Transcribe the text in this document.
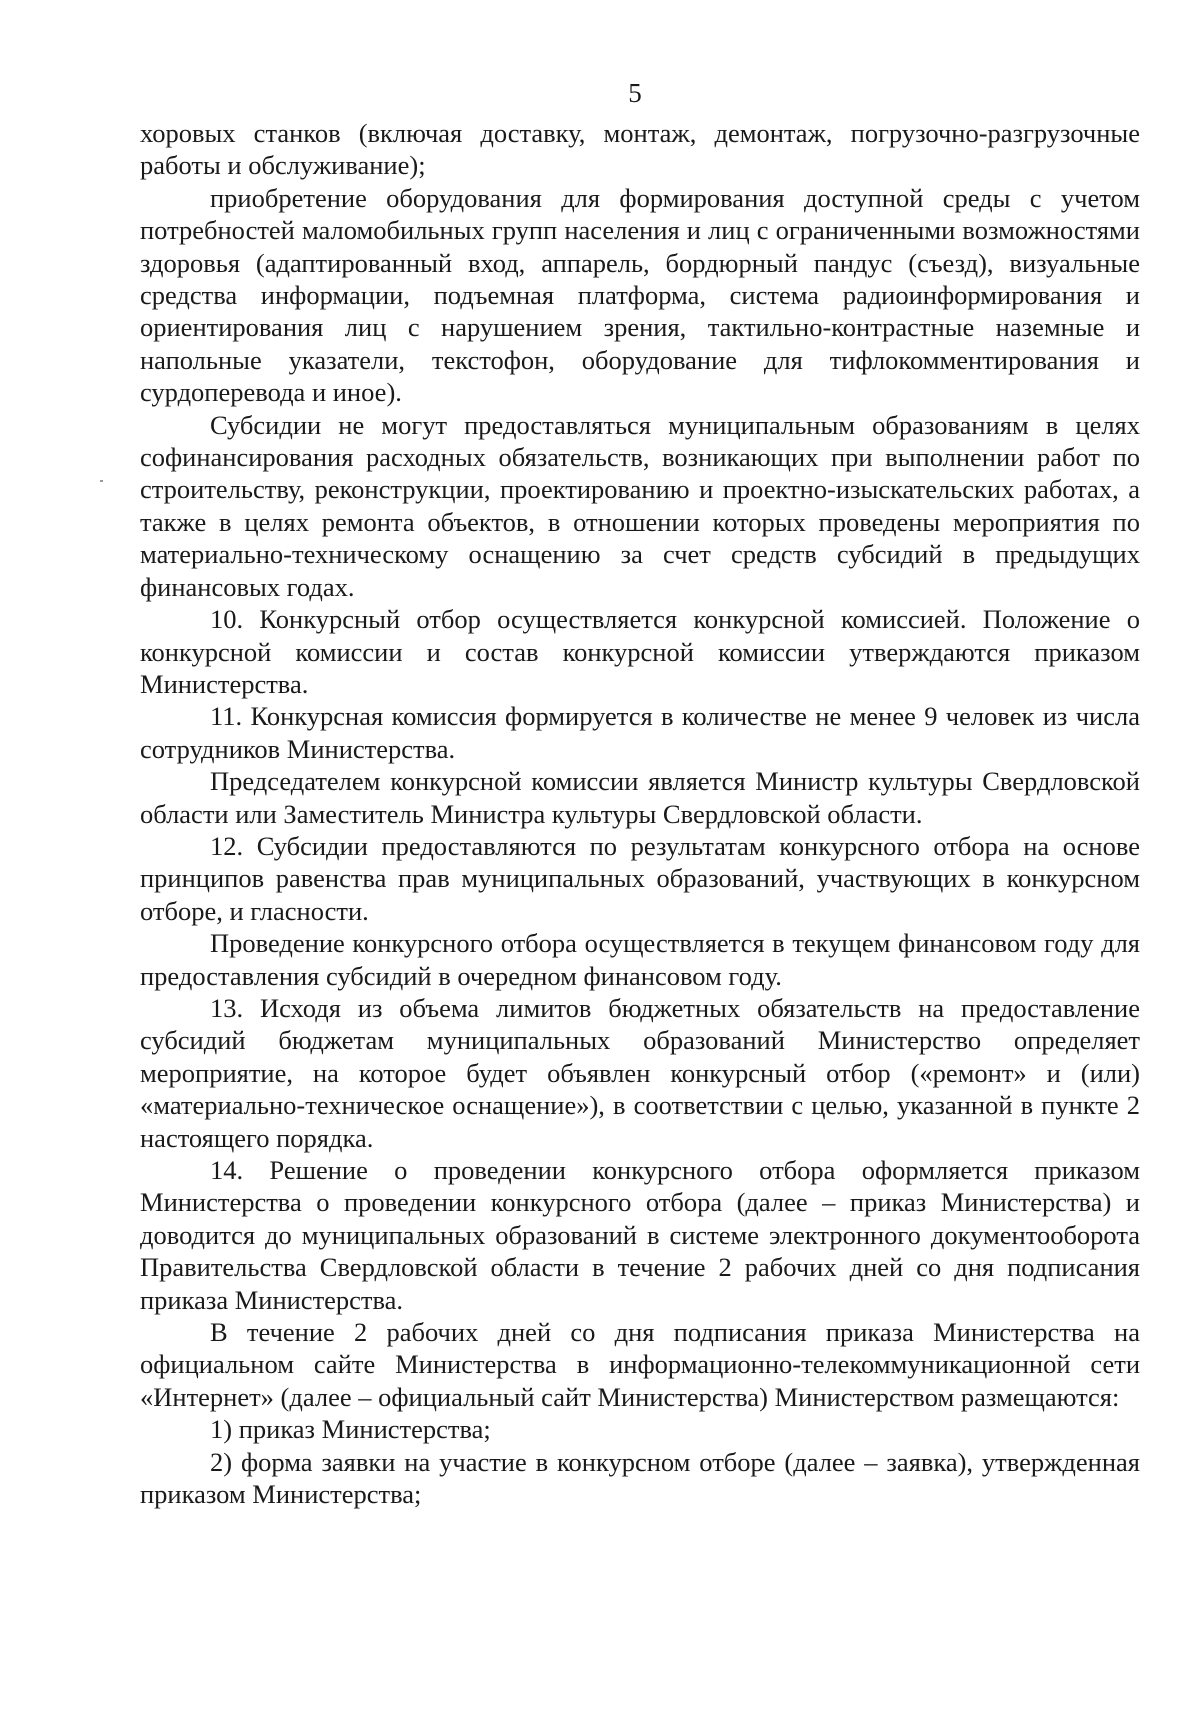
5

хоровых станков (включая доставку, монтаж, демонтаж, погрузочно-разгрузочные работы и обслуживание);

приобретение оборудования для формирования доступной среды с учетом потребностей маломобильных групп населения и лиц с ограниченными возможностями здоровья (адаптированный вход, аппарель, бордюрный пандус (съезд), визуальные средства информации, подъемная платформа, система радиоинформирования и ориентирования лиц с нарушением зрения, тактильно-контрастные наземные и напольные указатели, текстофон, оборудование для тифлокомментирования и сурдоперевода и иное).

Субсидии не могут предоставляться муниципальным образованиям в целях софинансирования расходных обязательств, возникающих при выполнении работ по строительству, реконструкции, проектированию и проектно-изыскательских работах, а также в целях ремонта объектов, в отношении которых проведены мероприятия по материально-техническому оснащению за счет средств субсидий в предыдущих финансовых годах.

10. Конкурсный отбор осуществляется конкурсной комиссией. Положение о конкурсной комиссии и состав конкурсной комиссии утверждаются приказом Министерства.

11. Конкурсная комиссия формируется в количестве не менее 9 человек из числа сотрудников Министерства.

Председателем конкурсной комиссии является Министр культуры Свердловской области или Заместитель Министра культуры Свердловской области.

12. Субсидии предоставляются по результатам конкурсного отбора на основе принципов равенства прав муниципальных образований, участвующих в конкурсном отборе, и гласности.

Проведение конкурсного отбора осуществляется в текущем финансовом году для предоставления субсидий в очередном финансовом году.

13. Исходя из объема лимитов бюджетных обязательств на предоставление субсидий бюджетам муниципальных образований Министерство определяет мероприятие, на которое будет объявлен конкурсный отбор («ремонт» и (или) «материально-техническое оснащение»), в соответствии с целью, указанной в пункте 2 настоящего порядка.

14. Решение о проведении конкурсного отбора оформляется приказом Министерства о проведении конкурсного отбора (далее – приказ Министерства) и доводится до муниципальных образований в системе электронного документооборота Правительства Свердловской области в течение 2 рабочих дней со дня подписания приказа Министерства.

В течение 2 рабочих дней со дня подписания приказа Министерства на официальном сайте Министерства в информационно-телекоммуникационной сети «Интернет» (далее – официальный сайт Министерства) Министерством размещаются:

1) приказ Министерства;

2) форма заявки на участие в конкурсном отборе (далее – заявка), утвержденная приказом Министерства;
